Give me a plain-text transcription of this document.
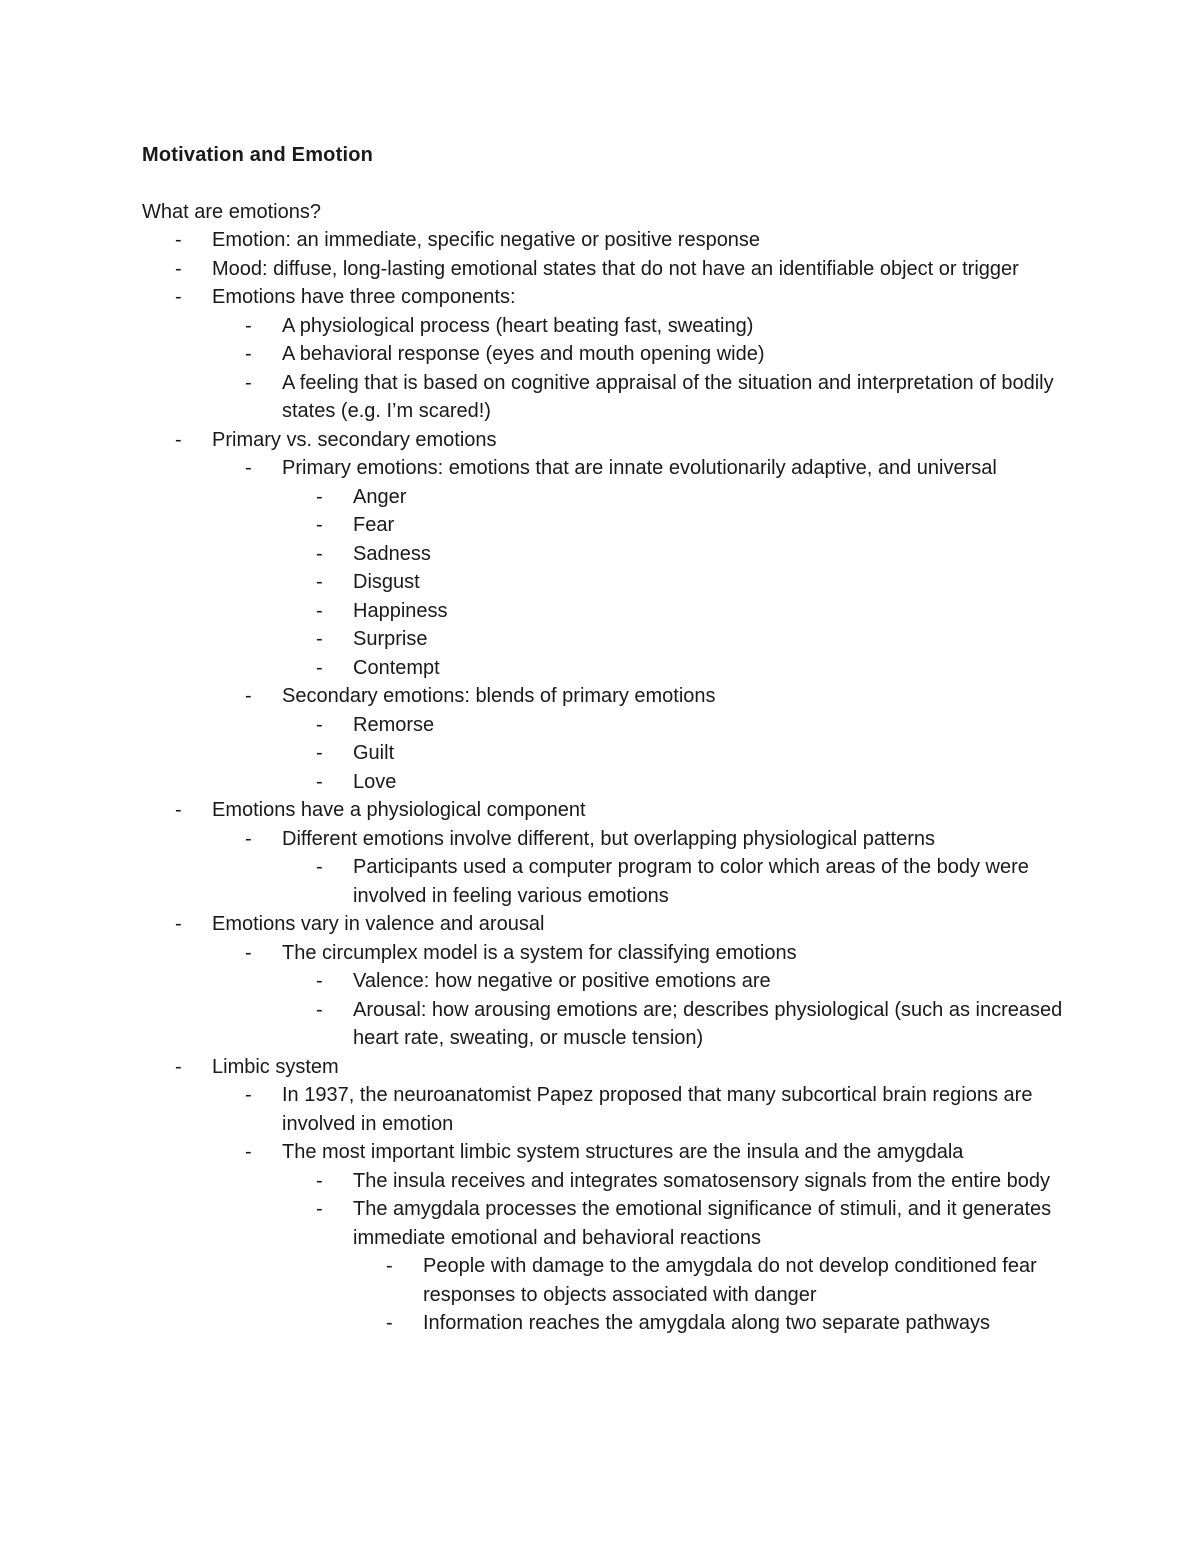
Motivation and Emotion

What are emotions?

-	Emotion: an immediate, specific negative or positive response
-	Mood: diffuse, long-lasting emotional states that do not have an identifiable object or trigger
-	Emotions have three components:
-	A physiological process (heart beating fast, sweating)
-	A behavioral response (eyes and mouth opening wide)
-	A feeling that is based on cognitive appraisal of the situation and interpretation of bodily states (e.g. I’m scared!)
-	Primary vs. secondary emotions
-	Primary emotions: emotions that are innate evolutionarily adaptive, and universal
-	Anger
-	Fear
-	Sadness
-	Disgust
-	Happiness
-	Surprise
-	Contempt
-	Secondary emotions: blends of primary emotions
-	Remorse
-	Guilt
-	Love
-	Emotions have a physiological component
-	Different emotions involve different, but overlapping physiological patterns
-	Participants used a computer program to color which areas of the body were involved in feeling various emotions
-	Emotions vary in valence and arousal
-	The circumplex model is a system for classifying emotions
-	Valence: how negative or positive emotions are
-	Arousal: how arousing emotions are; describes physiological (such as increased heart rate, sweating, or muscle tension)
-	Limbic system
-	In 1937, the neuroanatomist Papez proposed that many subcortical brain regions are involved in emotion
-	The most important limbic system structures are the insula and the amygdala
-	The insula receives and integrates somatosensory signals from the entire body
-	The amygdala processes the emotional significance of stimuli, and it generates immediate emotional and behavioral reactions
-	People with damage to the amygdala do not develop conditioned fear responses to objects associated with danger
-	Information reaches the amygdala along two separate pathways
